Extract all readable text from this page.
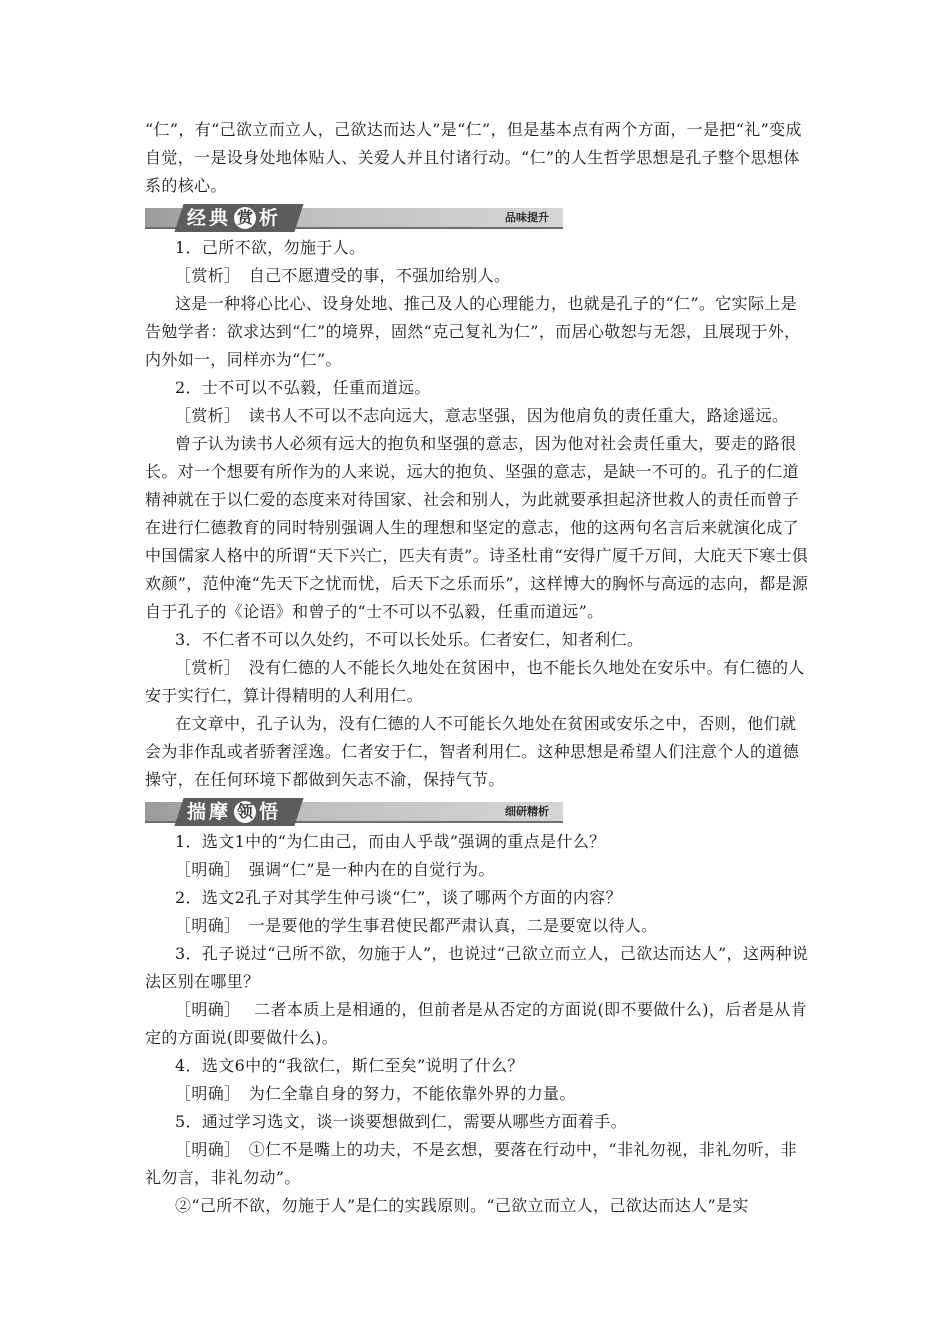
“仁”，有“己欲立而立人，己欲达而达人”是“仁”，但是基本点有两个方面，一是把“礼”变成自觉，一是设身处地体贴人、关爱人并且付诸行动。“仁”的人生哲学思想是孔子整个思想体系的核心。

经典 赏 析	品味提升

1．己所不欲，勿施于人。

［赏析］　自己不愿遭受的事，不强加给别人。

这是一种将心比心、设身处地、推己及人的心理能力，也就是孔子的“仁”。它实际上是告勉学者：欲求达到“仁”的境界，固然“克己复礼为仁”，而居心敬恕与无怨，且展现于外，内外如一，同样亦为“仁”。

2．士不可以不弘毅，任重而道远。

［赏析］　读书人不可以不志向远大，意志坚强，因为他肩负的责任重大，路途遥远。

曾子认为读书人必须有远大的抱负和坚强的意志，因为他对社会责任重大，要走的路很长。对一个想要有所作为的人来说，远大的抱负、坚强的意志，是缺一不可的。孔子的仁道精神就在于以仁爱的态度来对待国家、社会和别人，为此就要承担起济世救人的责任而曾子在进行仁德教育的同时特别强调人生的理想和坚定的意志，他的这两句名言后来就演化成了中国儒家人格中的所谓“天下兴亡，匹夫有责”。诗圣杜甫“安得广厦千万间，大庇天下寒士俱欢颜”，范仲淹“先天下之忧而忧，后天下之乐而乐”，这样博大的胸怀与高远的志向，都是源自于孔子的《论语》和曾子的“士不可以不弘毅，任重而道远”。

3．不仁者不可以久处约，不可以长处乐。仁者安仁，知者利仁。

［赏析］　没有仁德的人不能长久地处在贫困中，也不能长久地处在安乐中。有仁德的人安于实行仁，算计得精明的人利用仁。

在文章中，孔子认为，没有仁德的人不可能长久地处在贫困或安乐之中，否则，他们就会为非作乱或者骄奢淫逸。仁者安于仁，智者利用仁。这种思想是希望人们注意个人的道德操守，在任何环境下都做到矢志不渝，保持气节。

揣摩 领 悟	细研精析

1．选文1中的“为仁由己，而由人乎哉”强调的重点是什么？

［明确］　强调“仁”是一种内在的自觉行为。

2．选文2孔子对其学生仲弓谈“仁”，谈了哪两个方面的内容？

［明确］　一是要他的学生事君使民都严肃认真，二是要宽以待人。

3．孔子说过“己所不欲，勿施于人”，也说过“己欲立而立人，己欲达而达人”，这两种说法区别在哪里？

［明确］　 二者本质上是相通的，但前者是从否定的方面说(即不要做什么)，后者是从肯定的方面说(即要做什么)。

4．选文6中的“我欲仁，斯仁至矣”说明了什么？

［明确］　为仁全靠自身的努力，不能依靠外界的力量。

5．通过学习选文，谈一谈要想做到仁，需要从哪些方面着手。

［明确］　①仁不是嘴上的功夫，不是玄想，要落在行动中，“非礼勿视，非礼勿听，非礼勿言，非礼勿动”。

②“己所不欲，勿施于人”是仁的实践原则。“己欲立而立人，己欲达而达人”是实
